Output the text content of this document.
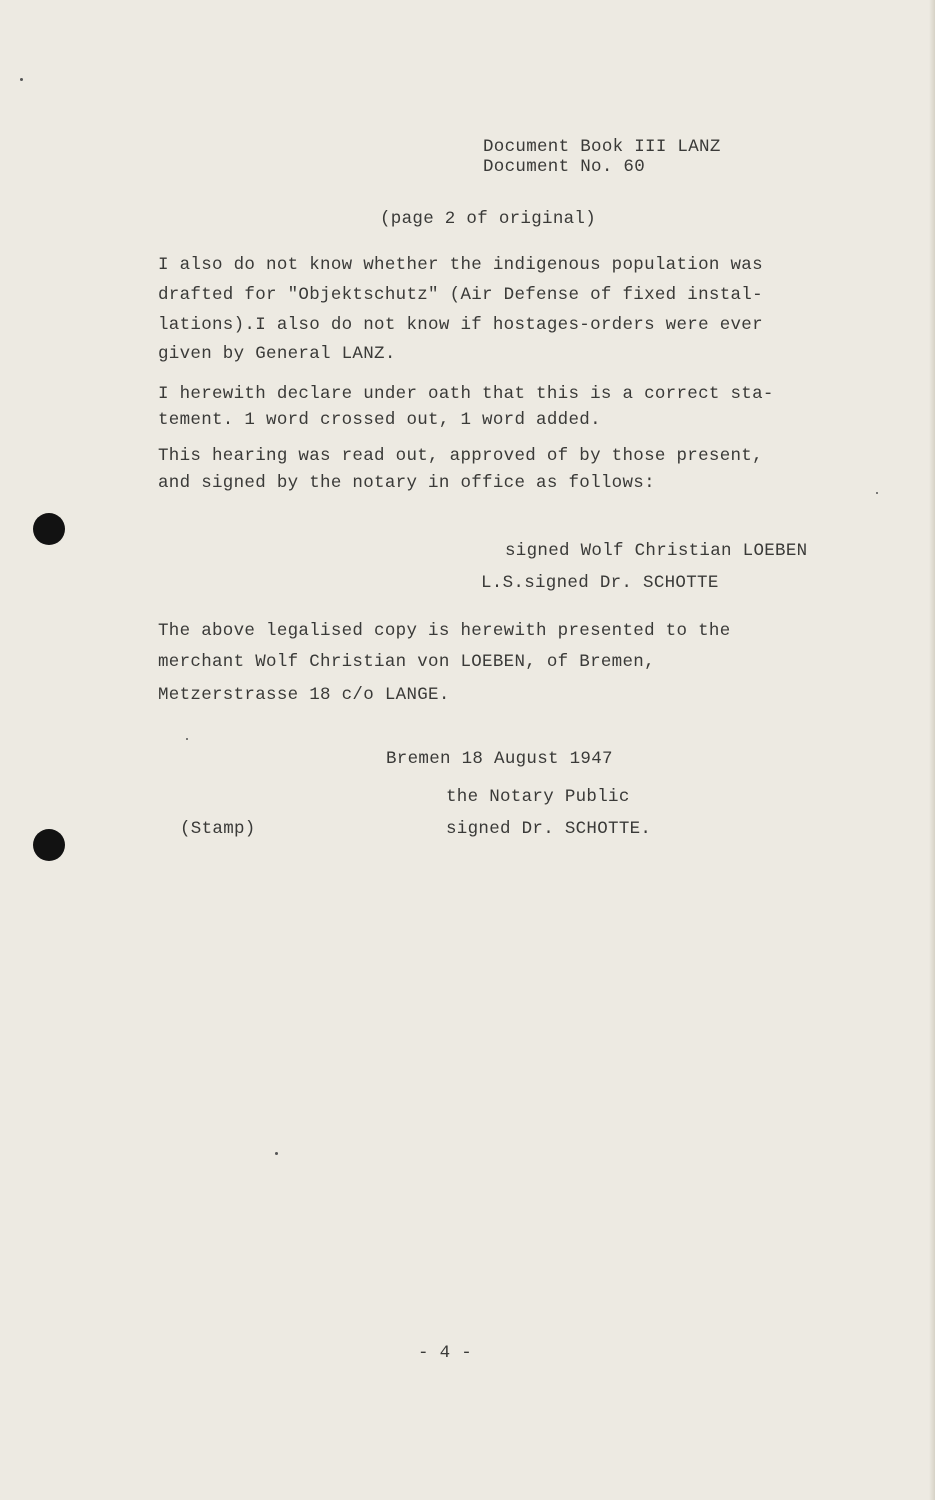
Document Book III LANZ
Document No. 60
(page 2 of original)
I also do not know whether the indigenous population was
drafted for "Objektschutz" (Air Defense of fixed instal-
lations).I also do not know if hostages-orders were ever
given by General LANZ.
I herewith declare under oath that this is a correct sta-
tement. 1 word crossed out, 1 word added.
This hearing was read out, approved of by those present,
and signed by the notary in office as follows:
signed Wolf Christian LOEBEN
L.S.signed Dr. SCHOTTE
The above legalised copy is herewith presented to the
merchant Wolf Christian von LOEBEN, of Bremen,
Metzerstrasse 18 c/o LANGE.
Bremen 18 August 1947
the Notary Public
(Stamp)	signed Dr. SCHOTTE.
- 4 -
